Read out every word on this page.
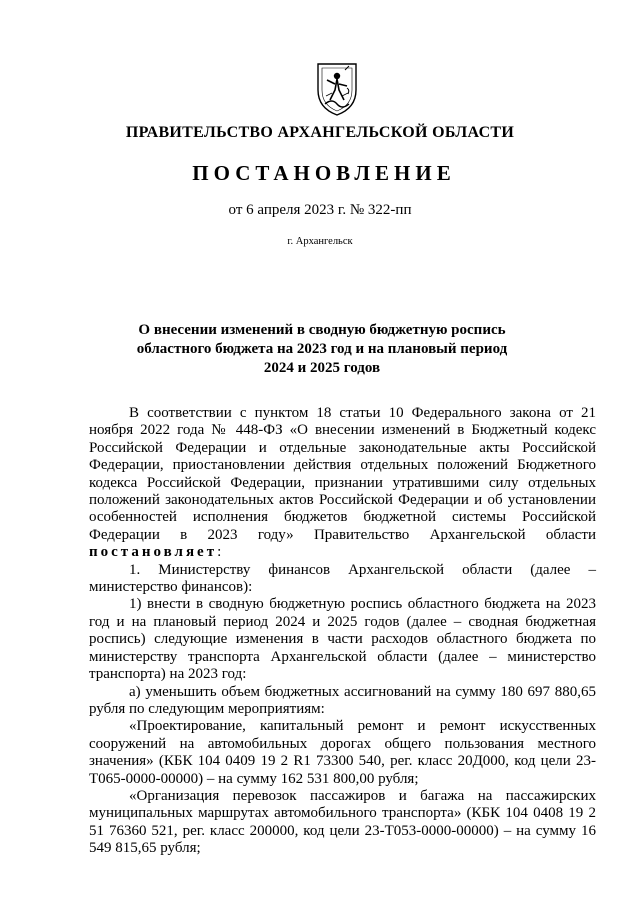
ПРАВИТЕЛЬСТВО АРХАНГЕЛЬСКОЙ ОБЛАСТИ
ПОСТАНОВЛЕНИЕ
от 6 апреля 2023 г. № 322-пп
г. Архангельск
О внесении изменений в сводную бюджетную роспись
областного бюджета на 2023 год и на плановый период
2024 и 2025 годов

В соответствии с пунктом 18 статьи 10 Федерального закона от 21 ноября 2022 года № 448-ФЗ «О внесении изменений в Бюджетный кодекс Российской Федерации и отдельные законодательные акты Российской Федерации, приостановлении действия отдельных положений Бюджетного кодекса Российской Федерации, признании утратившими силу отдельных положений законодательных актов Российской Федерации и об установлении особенностей исполнения бюджетов бюджетной системы Российской Федерации в 2023 году» Правительство Архангельской области постановляет:

1. Министерству финансов Архангельской области (далее – министерство финансов):

1) внести в сводную бюджетную роспись областного бюджета на 2023 год и на плановый период 2024 и 2025 годов (далее – сводная бюджетная роспись) следующие изменения в части расходов областного бюджета по министерству транспорта Архангельской области (далее – министерство транспорта) на 2023 год:

а) уменьшить объем бюджетных ассигнований на сумму 180 697 880,65 рубля по следующим мероприятиям:

«Проектирование, капитальный ремонт и ремонт искусственных сооружений на автомобильных дорогах общего пользования местного значения» (КБК 104 0409 19 2 R1 73300 540, рег. класс 20Д000, код цели 23-Т065-0000-00000) – на сумму 162 531 800,00 рубля;

«Организация перевозок пассажиров и багажа на пассажирских муниципальных маршрутах автомобильного транспорта» (КБК 104 0408 19 2 51 76360 521, рег. класс 200000, код цели 23-Т053-0000-00000) – на сумму 16 549 815,65 рубля;
